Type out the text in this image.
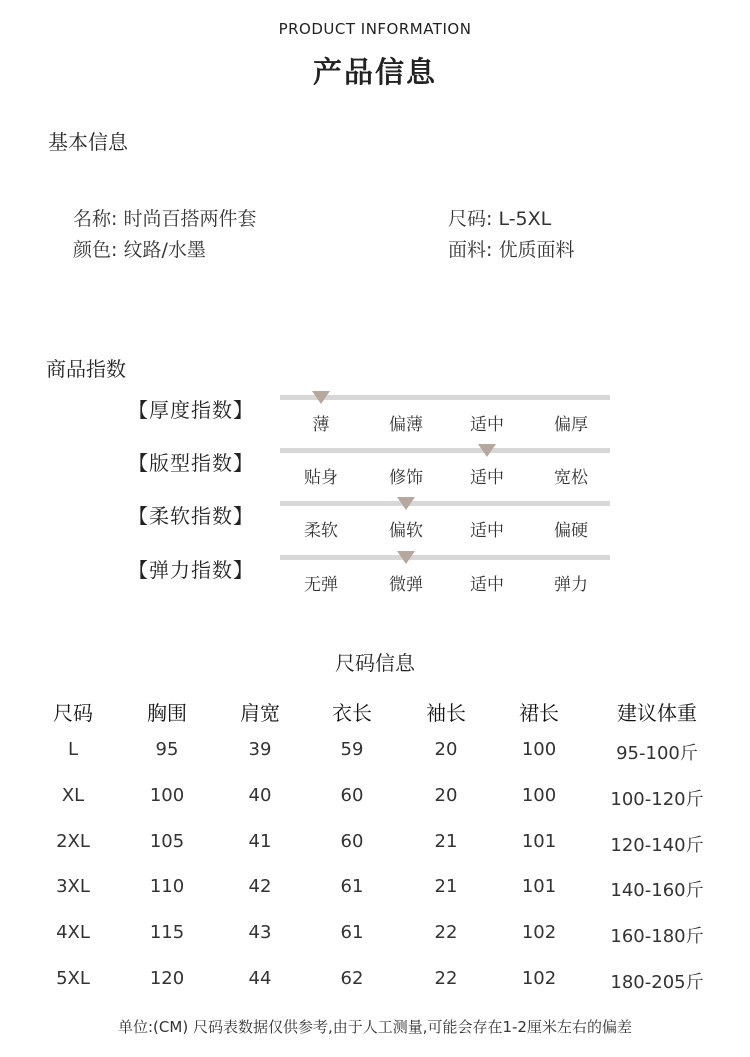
PRODUCT INFORMATION
产品信息
基本信息
名称: 时尚百搭两件套
颜色: 纹路/水墨
尺码: L-5XL
面料: 优质面料
商品指数
【厚度指数】
薄	偏薄	适中	偏厚
【版型指数】
贴身	修饰	适中	宽松
【柔软指数】
柔软	偏软	适中	偏硬
【弹力指数】
无弹	微弹	适中	弹力
尺码信息
尺码	胸围	肩宽	衣长	袖长	裙长	建议体重
L	95	39	59	20	100	95-100斤
XL	100	40	60	20	100	100-120斤
2XL	105	41	60	21	101	120-140斤
3XL	110	42	61	21	101	140-160斤
4XL	115	43	61	22	102	160-180斤
5XL	120	44	62	22	102	180-205斤
单位:(CM) 尺码表数据仅供参考,由于人工测量,可能会存在1-2厘米左右的偏差
